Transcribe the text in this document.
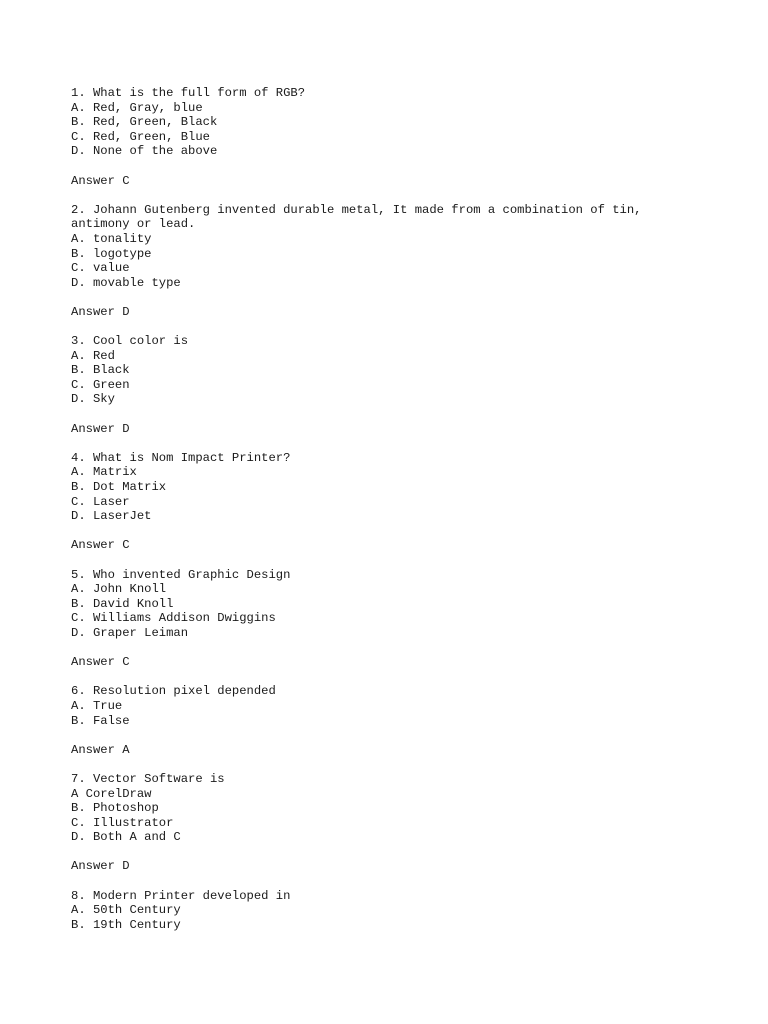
1. What is the full form of RGB?
A. Red, Gray, blue
B. Red, Green, Black
C. Red, Green, Blue
D. None of the above
Answer C
2. Johann Gutenberg invented durable metal, It made from a combination of tin,
antimony or lead.
A. tonality
B. logotype
C. value
D. movable type
Answer D
3. Cool color is
A. Red
B. Black
C. Green
D. Sky
Answer D
4. What is Nom Impact Printer?
A. Matrix
B. Dot Matrix
C. Laser
D. LaserJet
Answer C
5. Who invented Graphic Design
A. John Knoll
B. David Knoll
C. Williams Addison Dwiggins
D. Graper Leiman
Answer C
6. Resolution pixel depended
A. True
B. False
Answer A
7. Vector Software is
A CorelDraw
B. Photoshop
C. Illustrator
D. Both A and C
Answer D
8. Modern Printer developed in
A. 50th Century
B. 19th Century
